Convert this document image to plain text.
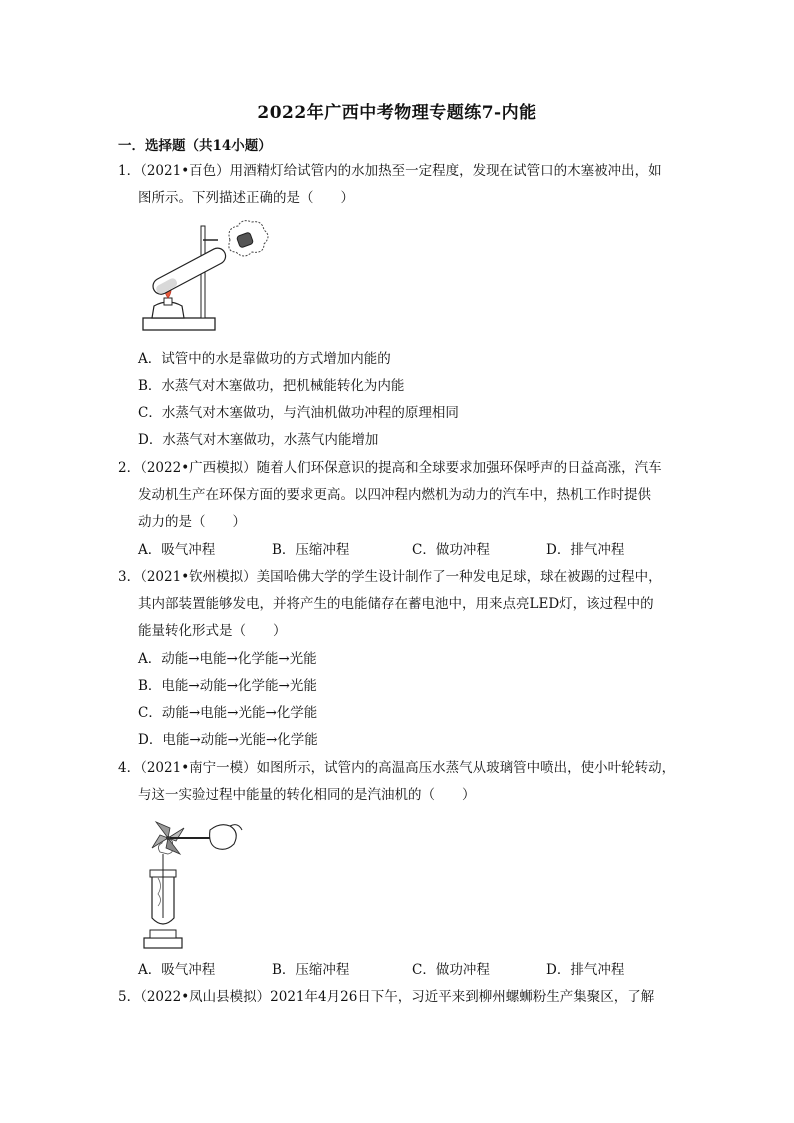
2022年广西中考物理专题练7-内能
一．选择题（共14小题）
1．（2021•百色）用酒精灯给试管内的水加热至一定程度，发现在试管口的木塞被冲出，如
图所示。下列描述正确的是（　　）
A．试管中的水是靠做功的方式增加内能的
B．水蒸气对木塞做功，把机械能转化为内能
C．水蒸气对木塞做功，与汽油机做功冲程的原理相同
D．水蒸气对木塞做功，水蒸气内能增加
2．（2022•广西模拟）随着人们环保意识的提高和全球要求加强环保呼声的日益高涨，汽车
发动机生产在环保方面的要求更高。以四冲程内燃机为动力的汽车中，热机工作时提供
动力的是（　　）
A．吸气冲程	B．压缩冲程	C．做功冲程	D．排气冲程
3．（2021•钦州模拟）美国哈佛大学的学生设计制作了一种发电足球，球在被踢的过程中，
其内部装置能够发电，并将产生的电能储存在蓄电池中，用来点亮LED灯，该过程中的
能量转化形式是（　　）
A．动能→电能→化学能→光能
B．电能→动能→化学能→光能
C．动能→电能→光能→化学能
D．电能→动能→光能→化学能
4．（2021•南宁一模）如图所示，试管内的高温高压水蒸气从玻璃管中喷出，使小叶轮转动，
与这一实验过程中能量的转化相同的是汽油机的（　　）
A．吸气冲程	B．压缩冲程	C．做功冲程	D．排气冲程
5．（2022•凤山县模拟）2021年4月26日下午，习近平来到柳州螺蛳粉生产集聚区，了解
